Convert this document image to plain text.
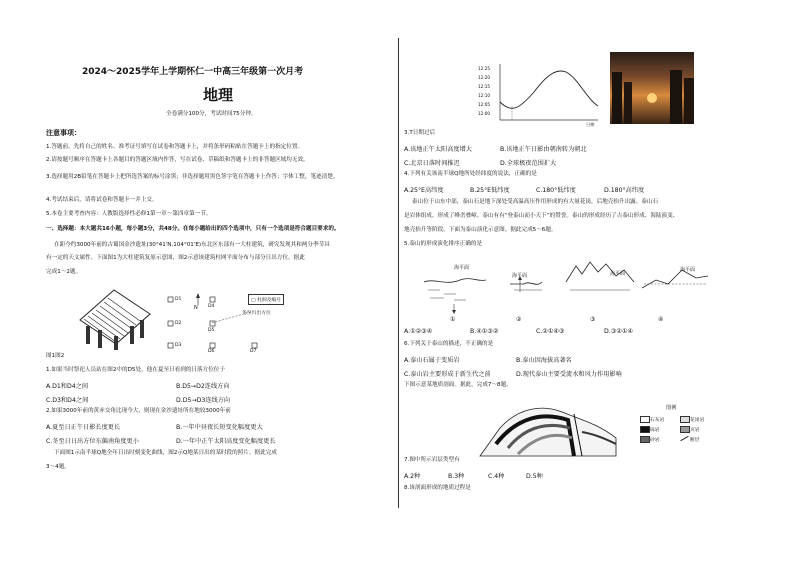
2024～2025学年上学期怀仁一中高三年级第一次月考
地理
全卷满分100分，考试时间75分钟。
注意事项：
1.答题前，先将自己的姓名、准考证号填写在试卷和答题卡上，并将条形码粘贴在答题卡上的指定位置。
2.请按题号顺序在答题卡上各题目的答题区域内作答，写在试卷、草稿纸和答题卡上的非答题区域均无效。
3.选择题用2B铅笔在答题卡上把所选答案的标号涂黑；非选择题用黑色签字笔在答题卡上作答；字体工整，笔迹清楚。
4.考试结束后，请将试卷和答题卡一并上交。
5.本卷主要考查内容：人教版选择性必修1第一章～第四章第一节。
一、选择题：本大题共16小题，每小题3分，共48分。在每小题给出的四个选项中，只有一个选项是符合题目要求的。
在距今约3000年前的古蜀国金沙遗址(30°41'N,104°01'E)东北区东部有一大柱建筑，研究发现其和两分季节具
有一定的天文属性。下面图1为大柱建筑复原示意图，图2示意该建筑柱网平面分布与部分日出方位。据此
完成1～2题。
N
D1
D2
D3
D4
D5
D6	D7
▢ 柱洞及编号
冬至日出方位
图1图2
1.如果当时祭祀人员站在图2中的D5处，他在夏至日看到的日落方位位于
A.D1和D4之间	B.D5→D2连线方向
C.D3和D4之间	D.D5→D3连线方向
2.如果3000年前的黄赤交角比现今大，则现在金沙遗址所在地较3000年前
A.夏至日正午日影长度更长	B.一年中昼夜长短变化幅度更大
C.冬至日日出方位东偏南角度更小	D.一年中正午太阳高度变化幅度更长
下面图1示南半球Q地全年日出时刻变化曲线，图2示Q地某日出的某时段的照片。据此完成
3～4题。
12:25
12:20
12:15
12:10
12:05
12:00
日期
3.T日期过后
A.该地正午太阳高度增大	B.该地正午日影由朝南转为朝北
C.北京日落时间推迟	D.全球极夜范围扩大
4.下列有关该南半球Q地所处经纬度的说法，正确的是
A.25°E高纬度	B.25°E低纬度	C.180°低纬度	D.180°高纬度
泰山位于山东中部，泰山石是地下深处受高温高压作用形成的有大量花岗，后地壳抬升出露。泰山石
是岩体组成，形成了峰峦叠嶂。泰山有有“登泰山而小天下”的赞誉。泰山的形成经历了古泰山形成、海陆演变、
地壳抬升等阶段。下面为泰山演化示意图。据此完成5～6题。
5.泰山的形成演化排序正确的是
海平面
海平面	海平面
海平面
①	②	③	④
A.①②③④	B.④①③②	C.②①④③	D.③②①④
6.下列关于泰山的描述，不正确的是
A.泰山石属于变质岩	B.泰山因海拔高著名
C.泰山岩主要形成于新生代之前	D.现代泰山主要受流水和风力作用影响
下图示意某地质剖面。据此，完成7～8题。
图例
石灰岩	花岗岩
砾岩	页岩
砂岩	断层
7.图中所示岩层类型有
A.2种	B.3种	C.4种	D.5种
8.该剖面形成的地质过程是
